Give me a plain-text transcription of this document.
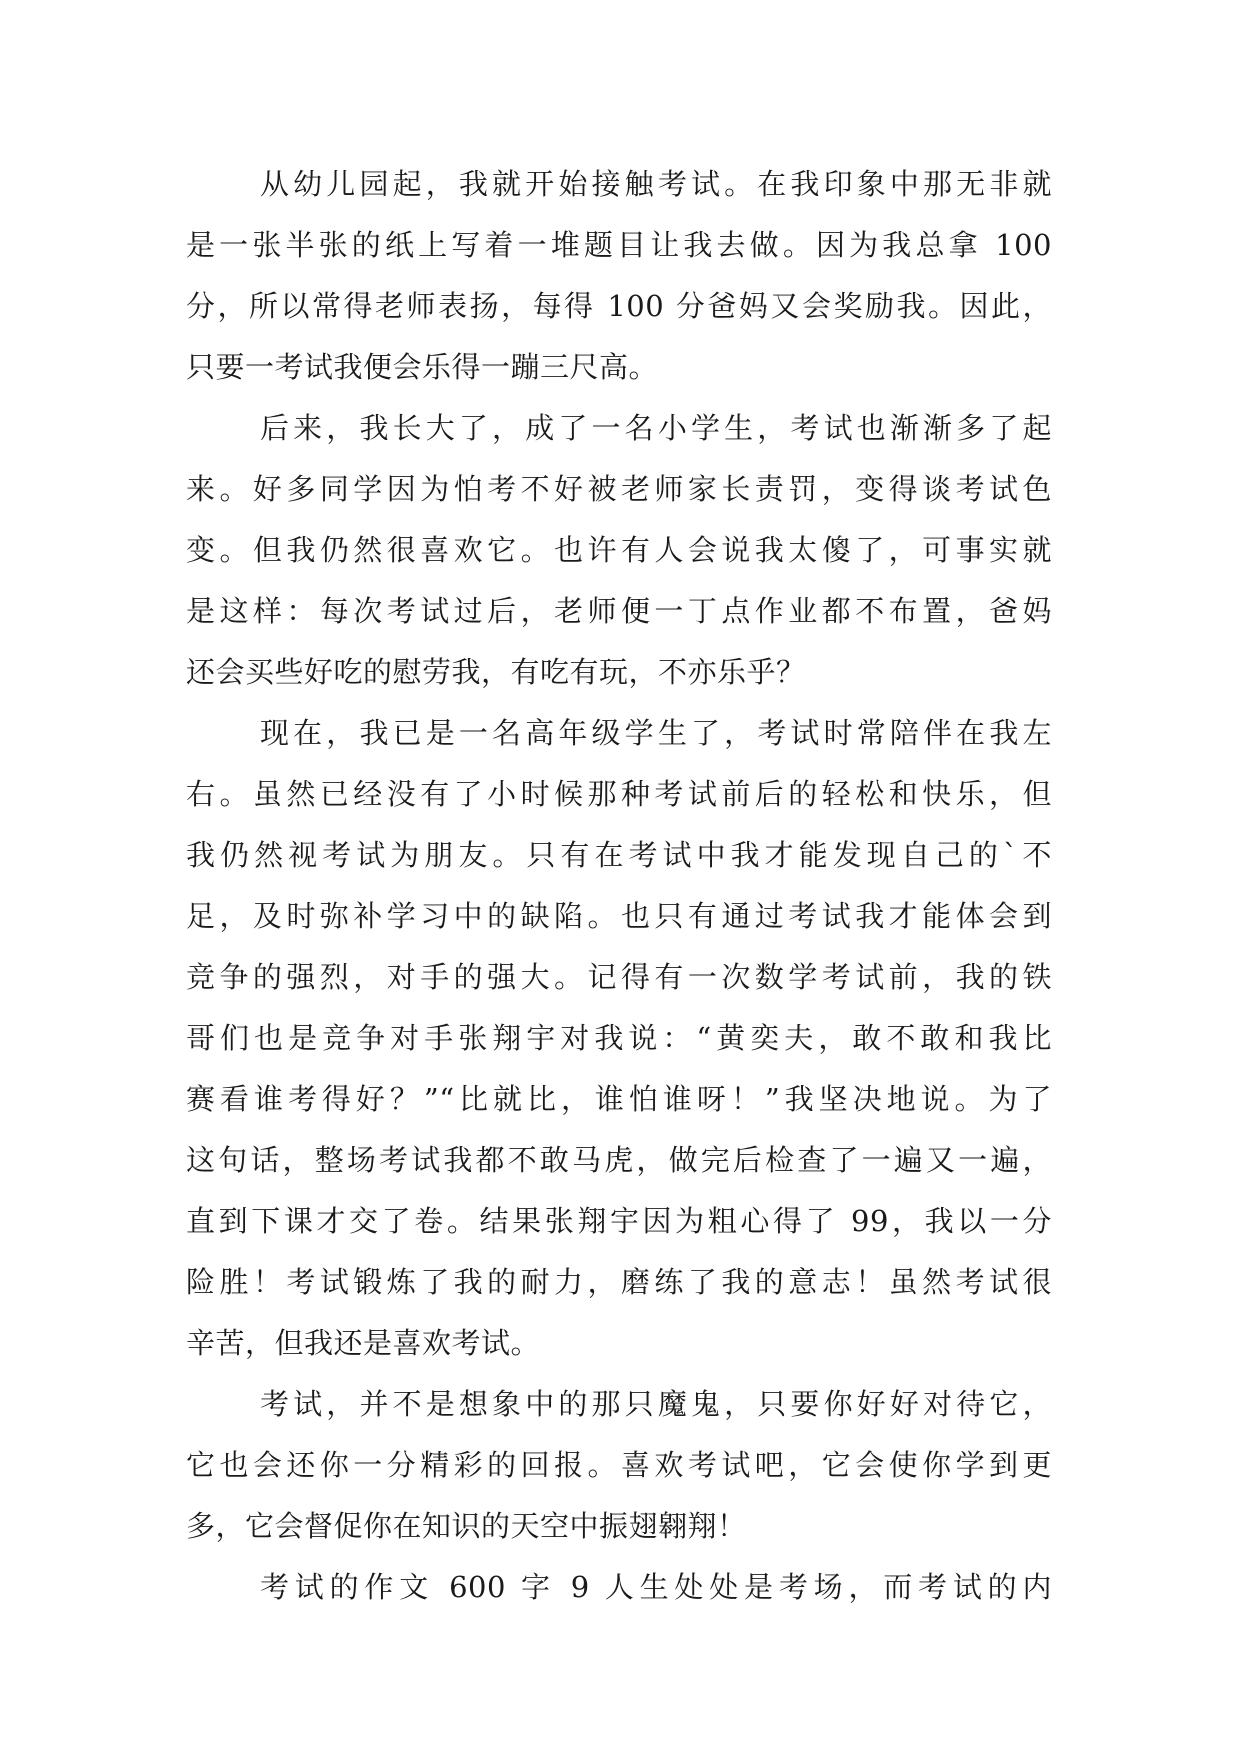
从幼儿园起，我就开始接触考试。在我印象中那无非就
是一张半张的纸上写着一堆题目让我去做。因为我总拿 100
分，所以常得老师表扬，每得 100 分爸妈又会奖励我。因此，
只要一考试我便会乐得一蹦三尺高。
后来，我长大了，成了一名小学生，考试也渐渐多了起
来。好多同学因为怕考不好被老师家长责罚，变得谈考试色
变。但我仍然很喜欢它。也许有人会说我太傻了，可事实就
是这样：每次考试过后，老师便一丁点作业都不布置，爸妈
还会买些好吃的慰劳我，有吃有玩，不亦乐乎？
现在，我已是一名高年级学生了，考试时常陪伴在我左
右。虽然已经没有了小时候那种考试前后的轻松和快乐，但
我仍然视考试为朋友。只有在考试中我才能发现自己的`不
足，及时弥补学习中的缺陷。也只有通过考试我才能体会到
竞争的强烈，对手的强大。记得有一次数学考试前，我的铁
哥们也是竞争对手张翔宇对我说：“黄奕夫，敢不敢和我比
赛看谁考得好？”“比就比，谁怕谁呀！”我坚决地说。为了
这句话，整场考试我都不敢马虎，做完后检查了一遍又一遍，
直到下课才交了卷。结果张翔宇因为粗心得了 99，我以一分
险胜！考试锻炼了我的耐力，磨练了我的意志！虽然考试很
辛苦，但我还是喜欢考试。
考试，并不是想象中的那只魔鬼，只要你好好对待它，
它也会还你一分精彩的回报。喜欢考试吧，它会使你学到更
多，它会督促你在知识的天空中振翅翱翔！
考试的作文 600 字 9 人生处处是考场，而考试的内
